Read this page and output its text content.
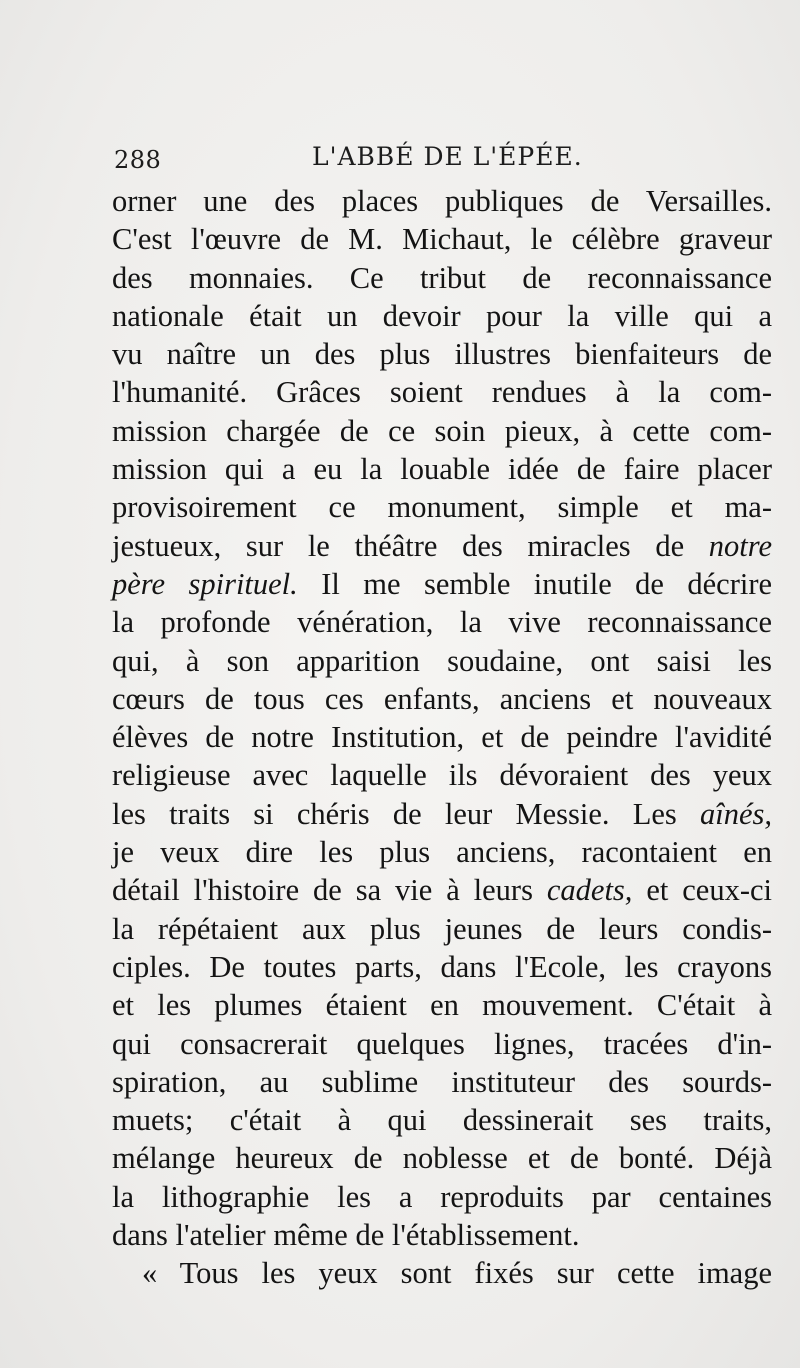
288	L'ABBÉ DE L'ÉPÉE.
orner une des places publiques de Versailles.
C'est l'œuvre de M. Michaut, le célèbre graveur
des monnaies. Ce tribut de reconnaissance
nationale était un devoir pour la ville qui a
vu naître un des plus illustres bienfaiteurs de
l'humanité. Grâces soient rendues à la com-
mission chargée de ce soin pieux, à cette com-
mission qui a eu la louable idée de faire placer
provisoirement ce monument, simple et ma-
jestueux, sur le théâtre des miracles de notre
père spirituel. Il me semble inutile de décrire
la profonde vénération, la vive reconnaissance
qui, à son apparition soudaine, ont saisi les
cœurs de tous ces enfants, anciens et nouveaux
élèves de notre Institution, et de peindre l'avidité
religieuse avec laquelle ils dévoraient des yeux
les traits si chéris de leur Messie. Les aînés,
je veux dire les plus anciens, racontaient en
détail l'histoire de sa vie à leurs cadets, et ceux-ci
la répétaient aux plus jeunes de leurs condis-
ciples. De toutes parts, dans l'Ecole, les crayons
et les plumes étaient en mouvement. C'était à
qui consacrerait quelques lignes, tracées d'in-
spiration, au sublime instituteur des sourds-
muets; c'était à qui dessinerait ses traits,
mélange heureux de noblesse et de bonté. Déjà
la lithographie les a reproduits par centaines
dans l'atelier même de l'établissement.
« Tous les yeux sont fixés sur cette image
